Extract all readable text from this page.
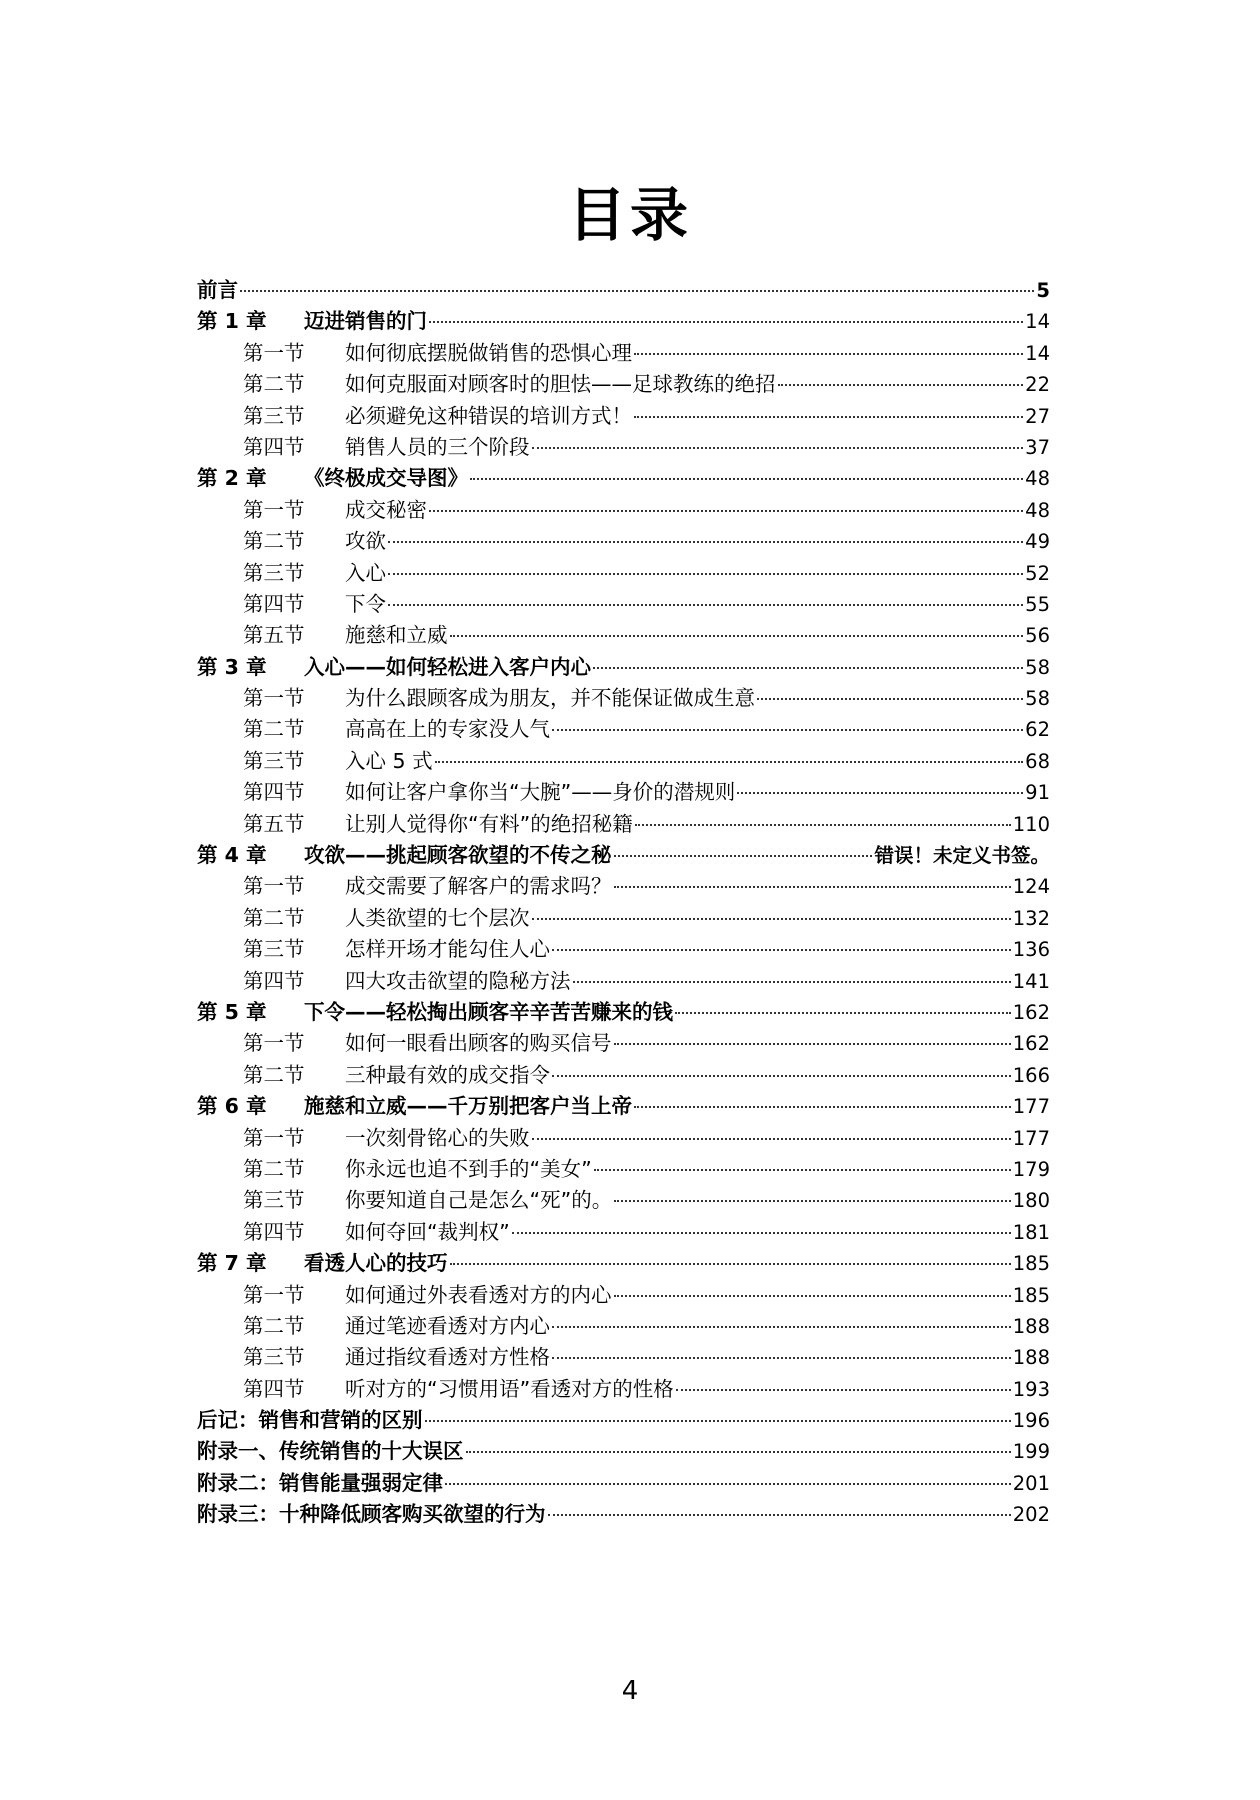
目录
前言	5
第 1 章	迈进销售的门	14
第一节	如何彻底摆脱做销售的恐惧心理	14
第二节	如何克服面对顾客时的胆怯——足球教练的绝招	22
第三节	必须避免这种错误的培训方式！	27
第四节	销售人员的三个阶段	37
第 2 章	《终极成交导图》	48
第一节	成交秘密	48
第二节	攻欲	49
第三节	入心	52
第四节	下令	55
第五节	施慈和立威	56
第 3 章	入心——如何轻松进入客户内心	58
第一节	为什么跟顾客成为朋友，并不能保证做成生意	58
第二节	高高在上的专家没人气	62
第三节	入心 5 式	68
第四节	如何让客户拿你当“大腕”——身价的潜规则	91
第五节	让别人觉得你“有料”的绝招秘籍	110
第 4 章	攻欲——挑起顾客欲望的不传之秘	错误！未定义书签。
第一节	成交需要了解客户的需求吗？	124
第二节	人类欲望的七个层次	132
第三节	怎样开场才能勾住人心	136
第四节	四大攻击欲望的隐秘方法	141
第 5 章	下令——轻松掏出顾客辛辛苦苦赚来的钱	162
第一节	如何一眼看出顾客的购买信号	162
第二节	三种最有效的成交指令	166
第 6 章	施慈和立威——千万别把客户当上帝	177
第一节	一次刻骨铭心的失败	177
第二节	你永远也追不到手的“美女”	179
第三节	你要知道自己是怎么“死”的。	180
第四节	如何夺回“裁判权”	181
第 7 章	看透人心的技巧	185
第一节	如何通过外表看透对方的内心	185
第二节	通过笔迹看透对方内心	188
第三节	通过指纹看透对方性格	188
第四节	听对方的“习惯用语”看透对方的性格	193
后记：销售和营销的区别	196
附录一、传统销售的十大误区	199
附录二：销售能量强弱定律	201
附录三：十种降低顾客购买欲望的行为	202
4
